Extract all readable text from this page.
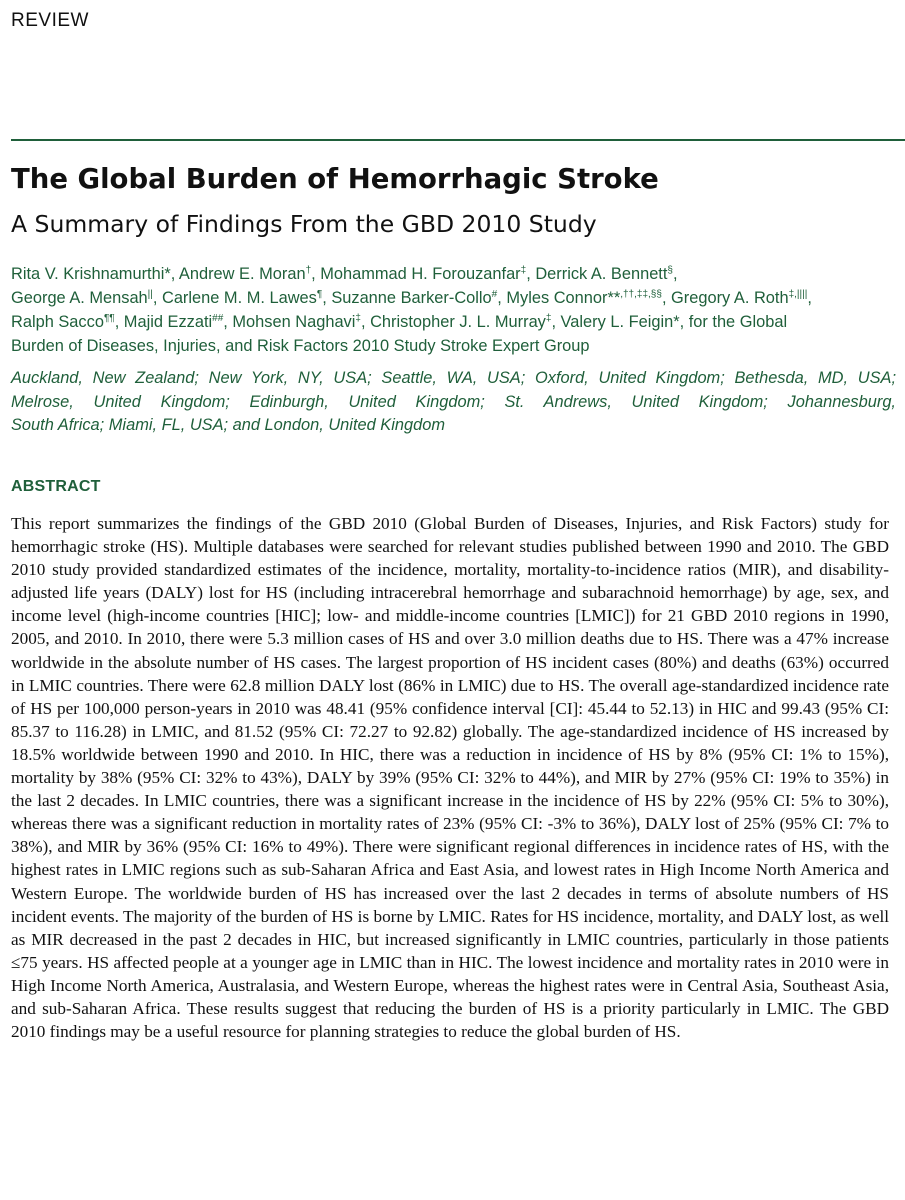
REVIEW
The Global Burden of Hemorrhagic Stroke
A Summary of Findings From the GBD 2010 Study
Rita V. Krishnamurthi*, Andrew E. Moran†, Mohammad H. Forouzanfar‡, Derrick A. Bennett§,
George A. Mensah||, Carlene M. M. Lawes¶, Suzanne Barker-Collo#, Myles Connor**,††,‡‡,§§, Gregory A. Roth‡,||||,
Ralph Sacco¶¶, Majid Ezzati##, Mohsen Naghavi‡, Christopher J. L. Murray‡, Valery L. Feigin*, for the Global
Burden of Diseases, Injuries, and Risk Factors 2010 Study Stroke Expert Group
Auckland, New Zealand; New York, NY, USA; Seattle, WA, USA; Oxford, United Kingdom; Bethesda, MD, USA;
Melrose, United Kingdom; Edinburgh, United Kingdom; St. Andrews, United Kingdom; Johannesburg,
South Africa; Miami, FL, USA; and London, United Kingdom
ABSTRACT

This report summarizes the findings of the GBD 2010 (Global Burden of Diseases, Injuries, and Risk Factors) study for hemorrhagic stroke (HS). Multiple databases were searched for relevant studies published between 1990 and 2010. The GBD 2010 study provided standardized estimates of the incidence, mortality, mortality-to-incidence ratios (MIR), and disability-adjusted life years (DALY) lost for HS (including intracerebral hemorrhage and subarachnoid hemorrhage) by age, sex, and income level (high-income countries [HIC]; low- and middle-income countries [LMIC]) for 21 GBD 2010 regions in 1990, 2005, and 2010. In 2010, there were 5.3 million cases of HS and over 3.0 million deaths due to HS. There was a 47% increase worldwide in the absolute number of HS cases. The largest proportion of HS incident cases (80%) and deaths (63%) occurred in LMIC countries. There were 62.8 million DALY lost (86% in LMIC) due to HS. The overall age-standardized incidence rate of HS per 100,000 person-years in 2010 was 48.41 (95% confidence interval [CI]: 45.44 to 52.13) in HIC and 99.43 (95% CI: 85.37 to 116.28) in LMIC, and 81.52 (95% CI: 72.27 to 92.82) globally. The age-standardized incidence of HS increased by 18.5% worldwide between 1990 and 2010. In HIC, there was a reduction in incidence of HS by 8% (95% CI: 1% to 15%), mortality by 38% (95% CI: 32% to 43%), DALY by 39% (95% CI: 32% to 44%), and MIR by 27% (95% CI: 19% to 35%) in the last 2 decades. In LMIC countries, there was a significant increase in the incidence of HS by 22% (95% CI: 5% to 30%), whereas there was a significant reduction in mortality rates of 23% (95% CI: -3% to 36%), DALY lost of 25% (95% CI: 7% to 38%), and MIR by 36% (95% CI: 16% to 49%). There were significant regional differences in incidence rates of HS, with the highest rates in LMIC regions such as sub-Saharan Africa and East Asia, and lowest rates in High Income North America and Western Europe. The worldwide burden of HS has increased over the last 2 decades in terms of absolute numbers of HS incident events. The majority of the burden of HS is borne by LMIC. Rates for HS incidence, mortality, and DALY lost, as well as MIR decreased in the past 2 decades in HIC, but increased significantly in LMIC countries, particularly in those patients ≤75 years. HS affected people at a younger age in LMIC than in HIC. The lowest incidence and mortality rates in 2010 were in High Income North America, Australasia, and Western Europe, whereas the highest rates were in Central Asia, Southeast Asia, and sub-Saharan Africa. These results suggest that reducing the burden of HS is a priority particularly in LMIC. The GBD 2010 findings may be a useful resource for planning strategies to reduce the global burden of HS.
